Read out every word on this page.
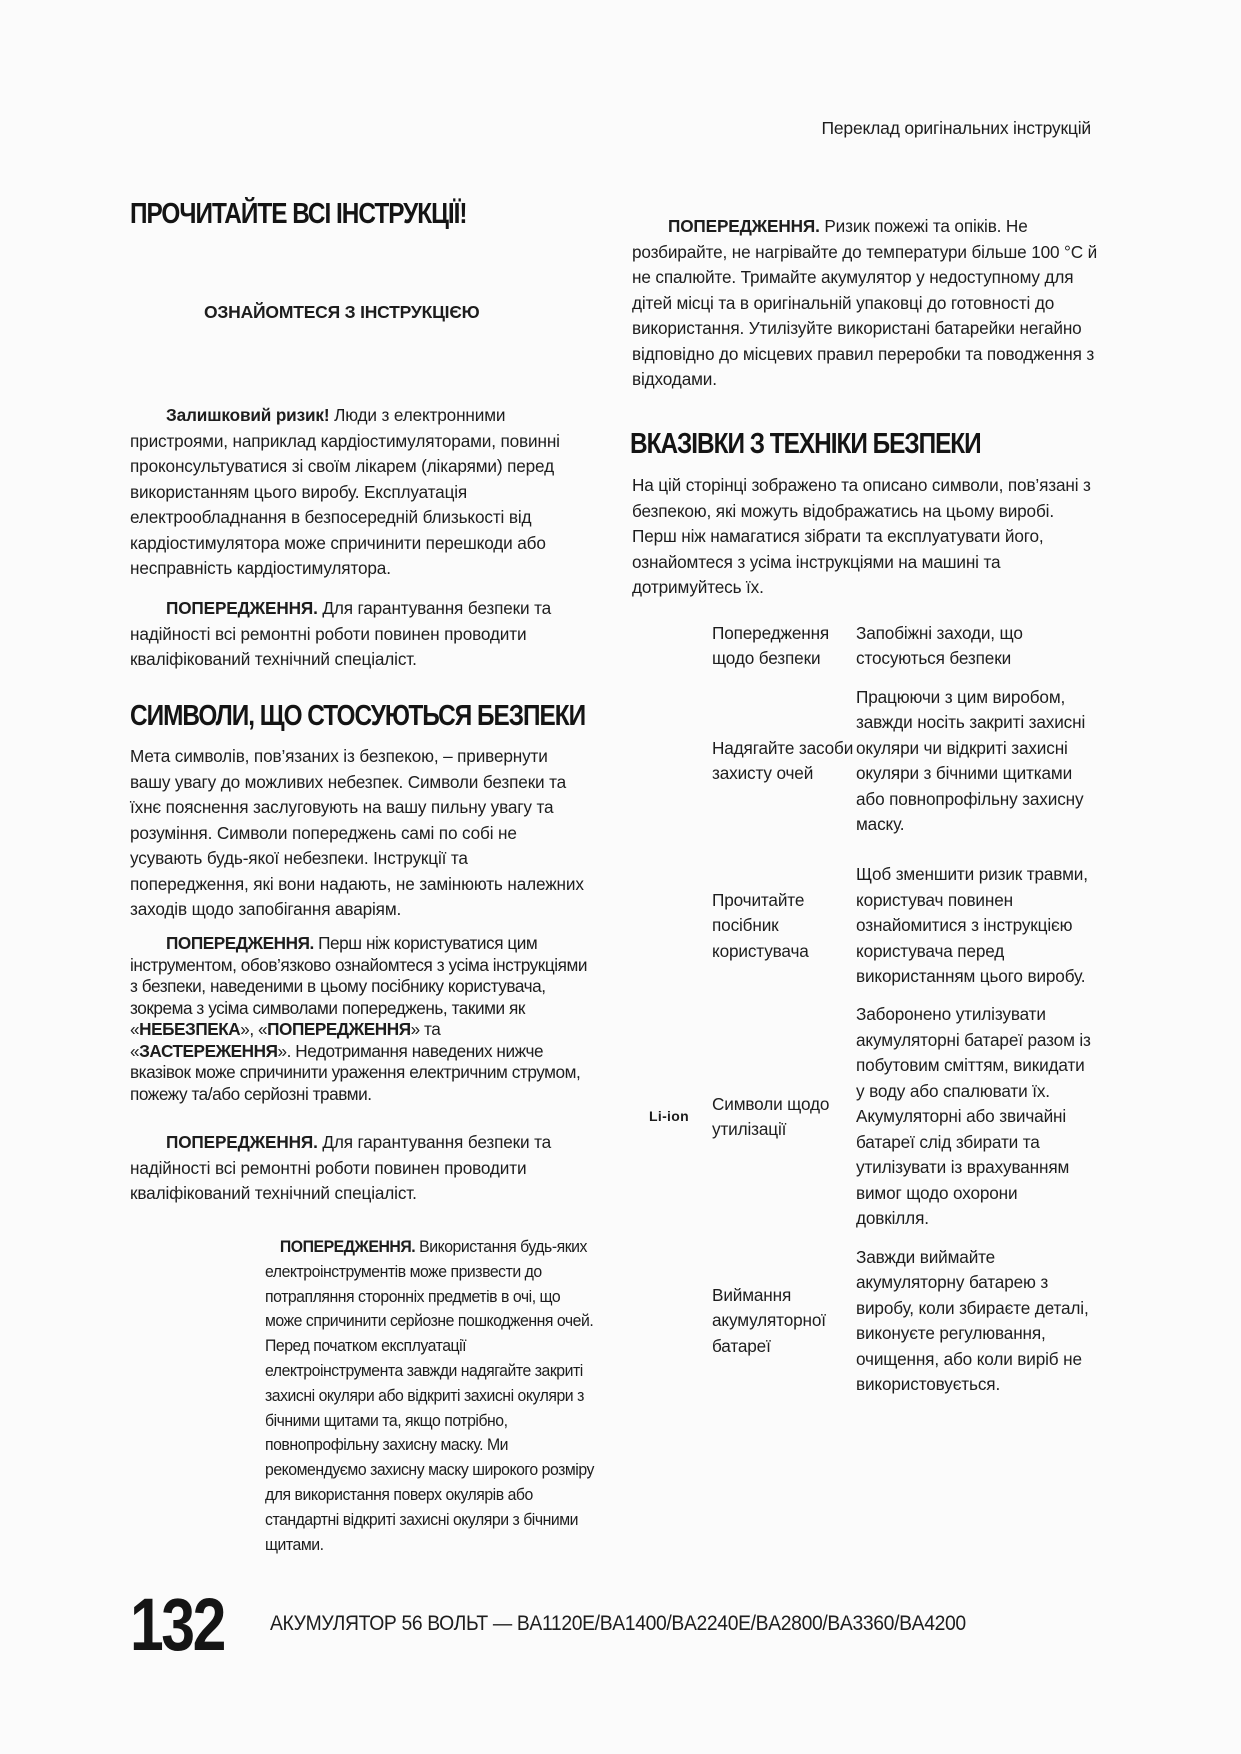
Переклад оригінальних інструкцій
ПРОЧИТАЙТЕ ВСІ ІНСТРУКЦІЇ!
ОЗНАЙОМТЕСЯ З ІНСТРУКЦІЄЮ

Залишковий ризик! Люди з електронними пристроями, наприклад кардіостимуляторами, повинні проконсультуватися зі своїм лікарем (лікарями) перед використанням цього виробу. Експлуатація електрообладнання в безпосередній близькості від кардіостимулятора може спричинити перешкоди або несправність кардіостимулятора.

ПОПЕРЕДЖЕННЯ. Для гарантування безпеки та надійності всі ремонтні роботи повинен проводити кваліфікований технічний спеціаліст.

СИМВОЛИ, ЩО СТОСУЮТЬСЯ БЕЗПЕКИ

Мета символів, пов’язаних із безпекою, – привернути вашу увагу до можливих небезпек. Символи безпеки та їхнє пояснення заслуговують на вашу пильну увагу та розуміння. Символи попереджень самі по собі не усувають будь-якої небезпеки. Інструкції та попередження, які вони надають, не замінюють належних заходів щодо запобігання аваріям.

ПОПЕРЕДЖЕННЯ. Перш ніж користуватися цим інструментом, обов’язково ознайомтеся з усіма інструкціями з безпеки, наведеними в цьому посібнику користувача, зокрема з усіма символами попереджень, такими як «НЕБЕЗПЕКА», «ПОПЕРЕДЖЕННЯ» та «ЗАСТЕРЕЖЕННЯ». Недотримання наведених нижче вказівок може спричинити ураження електричним струмом, пожежу та/або серйозні травми.

ПОПЕРЕДЖЕННЯ. Для гарантування безпеки та надійності всі ремонтні роботи повинен проводити кваліфікований технічний спеціаліст.

ПОПЕРЕДЖЕННЯ. Використання будь-яких електроінструментів може призвести до потрапляння сторонніх предметів в очі, що може спричинити серйозне пошкодження очей. Перед початком експлуатації електроінструмента завжди надягайте закриті захисні окуляри або відкриті захисні окуляри з бічними щитами та, якщо потрібно, повнопрофільну захисну маску. Ми рекомендуємо захисну маску широкого розміру для використання поверх окулярів або стандартні відкриті захисні окуляри з бічними щитами.

ПОПЕРЕДЖЕННЯ. Ризик пожежі та опіків. Не розбирайте, не нагрівайте до температури більше 100 °С й не спалюйте. Тримайте акумулятор у недоступному для дітей місці та в оригінальній упаковці до готовності до використання. Утилізуйте використані батарейки негайно відповідно до місцевих правил переробки та поводження з відходами.

ВКАЗІВКИ З ТЕХНІКИ БЕЗПЕКИ

На цій сторінці зображено та описано символи, пов’язані з безпекою, які можуть відображатись на цьому виробі. Перш ніж намагатися зібрати та експлуатувати його, ознайомтеся з усіма інструкціями на машині та дотримуйтесь їх.

	Попередження щодо безпеки	Запобіжні заходи, що стосуються безпеки
	Надягайте засоби захисту очей	Працюючи з цим виробом, завжди носіть закриті захисні окуляри чи відкриті захисні окуляри з бічними щитками або повнопрофільну захисну маску.
	Прочитайте посібник користувача	Щоб зменшити ризик травми, користувач повинен ознайомитися з інструкцією користувача перед використанням цього виробу.
Li-ion	Символи щодо утилізації	Заборонено утилізувати акумуляторні батареї разом із побутовим сміттям, викидати у воду або спалювати їх. Акумуляторні або звичайні батареї слід збирати та утилізувати із врахуванням вимог щодо охорони довкілля.
	Виймання акумуляторної батареї	Завжди виймайте акумуляторну батарею з виробу, коли збираєте деталі, виконуєте регулювання, очищення, або коли виріб не використовується.
132 АКУМУЛЯТОР 56 ВОЛЬТ — BA1120E/BA1400/BA2240E/BA2800/BA3360/BA4200
